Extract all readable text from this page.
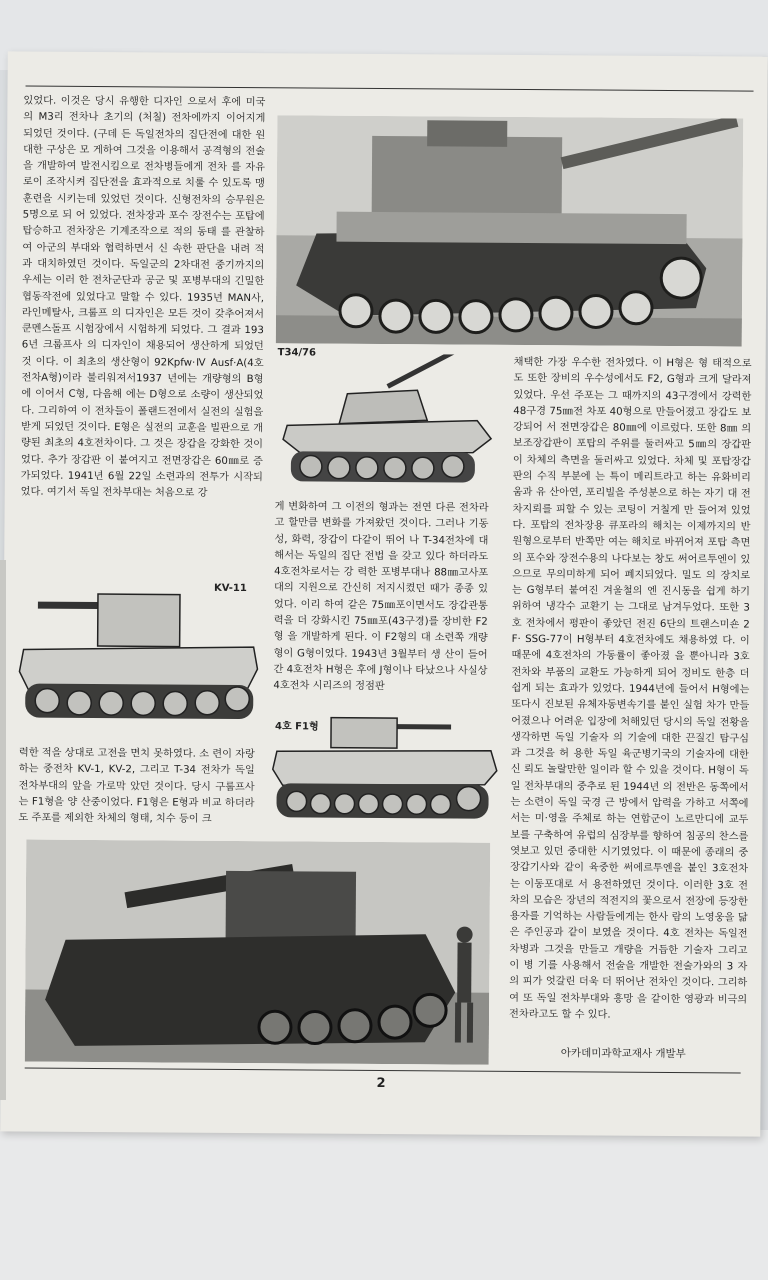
있었다. 이것은 당시 유행한 디자인 으로서 후에 미국의 M3리 전차나 초기의 (처칠) 전차에까지 이어지게 되었던 것이다. (구데 든 독일전차의 집단전에 대한 원대한 구상은 모 게하여 그것을 이용해서 공격형의 전술을 개발하여 발전시킴으로 전차병들에게 전차 를 자유로이 조작시켜 집단전을 효과적으로 치룰 수 있도록 맹훈련을 시키는데 있었던 것이다. 신형전차의 승무원은 5명으로 되 어 있었다. 전차장과 포수 장전수는 포탑에 탑승하고 전차장은 기계조작으로 적의 동태 를 관찰하여 아군의 부대와 협력하면서 신 속한 판단을 내려 적과 대치하였던 것이다. 독일군의 2차대전 중기까지의 우세는 이러 한 전차군단과 공군 및 포병부대의 긴밀한 협동작전에 있었다고 말할 수 있다. 1935년 MAN사, 라인메탈사, 크룹프 의 디자인은 모든 것이 갖추어져서 쿤멘스돌프 시험장에서 시험하게 되었다. 그 결과 1936년 크룹프사 의 디자인이 채용되어 생산하게 되었던 것 이다. 이 최초의 생산형이 92Kpfw·Ⅳ Ausf·A(4호전차A형)이라 불리워져서1937 년에는 개량형의 B형에 이어서 C형, 다음해 에는 D형으로 소량이 생산되었다. 그리하여 이 전차들이 폴랜드전에서 실전의 실험을 받게 되었던 것이다. E형은 실전의 교훈을 빌판으로 개량된 최초의 4호전차이다. 그 것은 장갑을 강화한 것이었다. 추가 장갑판 이 붙여지고 전면장갑은 60㎜로 증가되었다. 1941년 6월 22일 소련과의 전투가 시작되 었다. 여기서 독일 전차부대는 처음으로 강
T34/76
게 변화하여 그 이전의 형과는 전연 다른 전차라고 할만큼 변화를 가져왔던 것이다. 그러나 기동성, 화력, 장갑이 다같이 뛰어 나 T-34전차에 대해서는 독일의 집단 전법 을 갖고 있다 하더라도 4호전차로서는 강 력한 포병부대나 88㎜고사포대의 지원으로 간신히 저지시켰던 때가 종종 있었다. 이리 하여 같은 75㎜포이면서도 장갑관통력을 더 강화시킨 75㎜포(43구경)를 장비한 F2 형 을 개발하게 된다. 이 F2형의 대 소련쪽 개량형이 G형이었다. 1943년 3월부터 생 산이 들어간 4호전차 H형은 후에 J형이나 타났으나 사실상 4호전차 시리즈의 정점판
채택한 가장 우수한 전차였다. 이 H형은 형 태적으로도 또한 장비의 우수성에서도 F2, G형과 크게 달라져 있었다. 우선 주포는 그 때까지의 43구경에서 강력한 48구경 75㎜전 차포 40형으로 만들어졌고 장갑도 보강되어 서 전면장갑은 80㎜에 이르렀다. 또한 8㎜ 의 보조장갑판이 포탑의 주위를 둘러싸고 5㎜의 장갑판이 차체의 측면을 둘러싸고 있었다. 차체 및 포탑장갑판의 수직 부분에 는 특이 메리트라고 하는 유화비리움과 유 산아연, 포리빌을 주성분으로 하는 자기 대 전차지뢰를 피할 수 있는 코팅이 거칠게 만 들어져 있었다. 포탑의 전차장용 큐포라의 해치는 이제까지의 반원형으로부터 반쪽만 여는 해치로 바뀌어져 포탑 측면의 포수와 장전수용의 나다보는 창도 써어르투엔이 있 으므로 무의미하게 되어 폐지되었다. 밀도 의 장치로는 G형부터 붙여진 겨울철의 엔 진시동을 쉽게 하기 위하여 냉각수 교환기 는 그대로 남겨두었다. 또한 3호 전차에서 평판이 좋았던 전진 6단의 트랜스미숀 2F· SSG-77이 H형부터 4호전차에도 채용하였 다. 이 때문에 4호전차의 가동률이 좋아졌 을 뿐아니라 3호전차와 부품의 교환도 가능하게 되어 정비도 한층 더 쉽게 되는 효과가 있었다. 1944년에 들어서 H형에는 또다시 진보된 유체자동변속기를 붙인 실험 차가 만들어졌으나 어려운 입장에 처해있던 당시의 독일 전황을 생각하면 독일 기술자 의 기술에 대한 끈질긴 탐구심과 그것을 허 용한 독일 육군병기국의 기술자에 대한 신 뢰도 놀랄만한 일이라 할 수 있을 것이다. H형이 독일 전차부대의 중추로 된 1944년 의 전반은 동쪽에서는 소련이 독일 국경 근 방에서 압력을 가하고 서쪽에서는 미·영을 주체로 하는 연합군이 노르만디에 교두보를 구축하여 유럽의 심장부를 향하여 침공의 찬스를 엿보고 있던 중대한 시기였었다. 이 때문에 종래의 중장갑기사와 같이 육중한 써에르투엔을 붙인 3호전차는 이동포대로 서 용전하였던 것이다. 이러한 3호 전차의 모습은 장년의 적전지의 꽃으로서 전장에 등장한 용자를 기억하는 사람들에게는 한사 람의 노영웅을 닮은 주인공과 같이 보였을 것이다. 4호 전차는 독일전차병과 그것을 만들고 개량을 거듭한 기술자 그리고 이 병 기를 사용해서 전술을 개발한 전술가와의 3 자의 피가 엇갈린 더욱 더 뛰어난 전차인 것이다. 그리하여 또 독일 전차부대와 흥망 을 같이한 영광과 비극의 전차라고도 할 수 있다.
KV-11
4호 F1형
력한 적을 상대로 고전을 면치 못하였다. 소 련이 자랑하는 중전차 KV-1, KV-2, 그리고 T-34 전차가 독일 전차부대의 앞을 가로막 았던 것이다. 당시 구룹프사는 F1형을 양 산중이었다. F1형은 E형과 비교 하더라도 주포를 제외한 차체의 형태, 치수 등이 크
아카데미과학교재사 개발부
2
